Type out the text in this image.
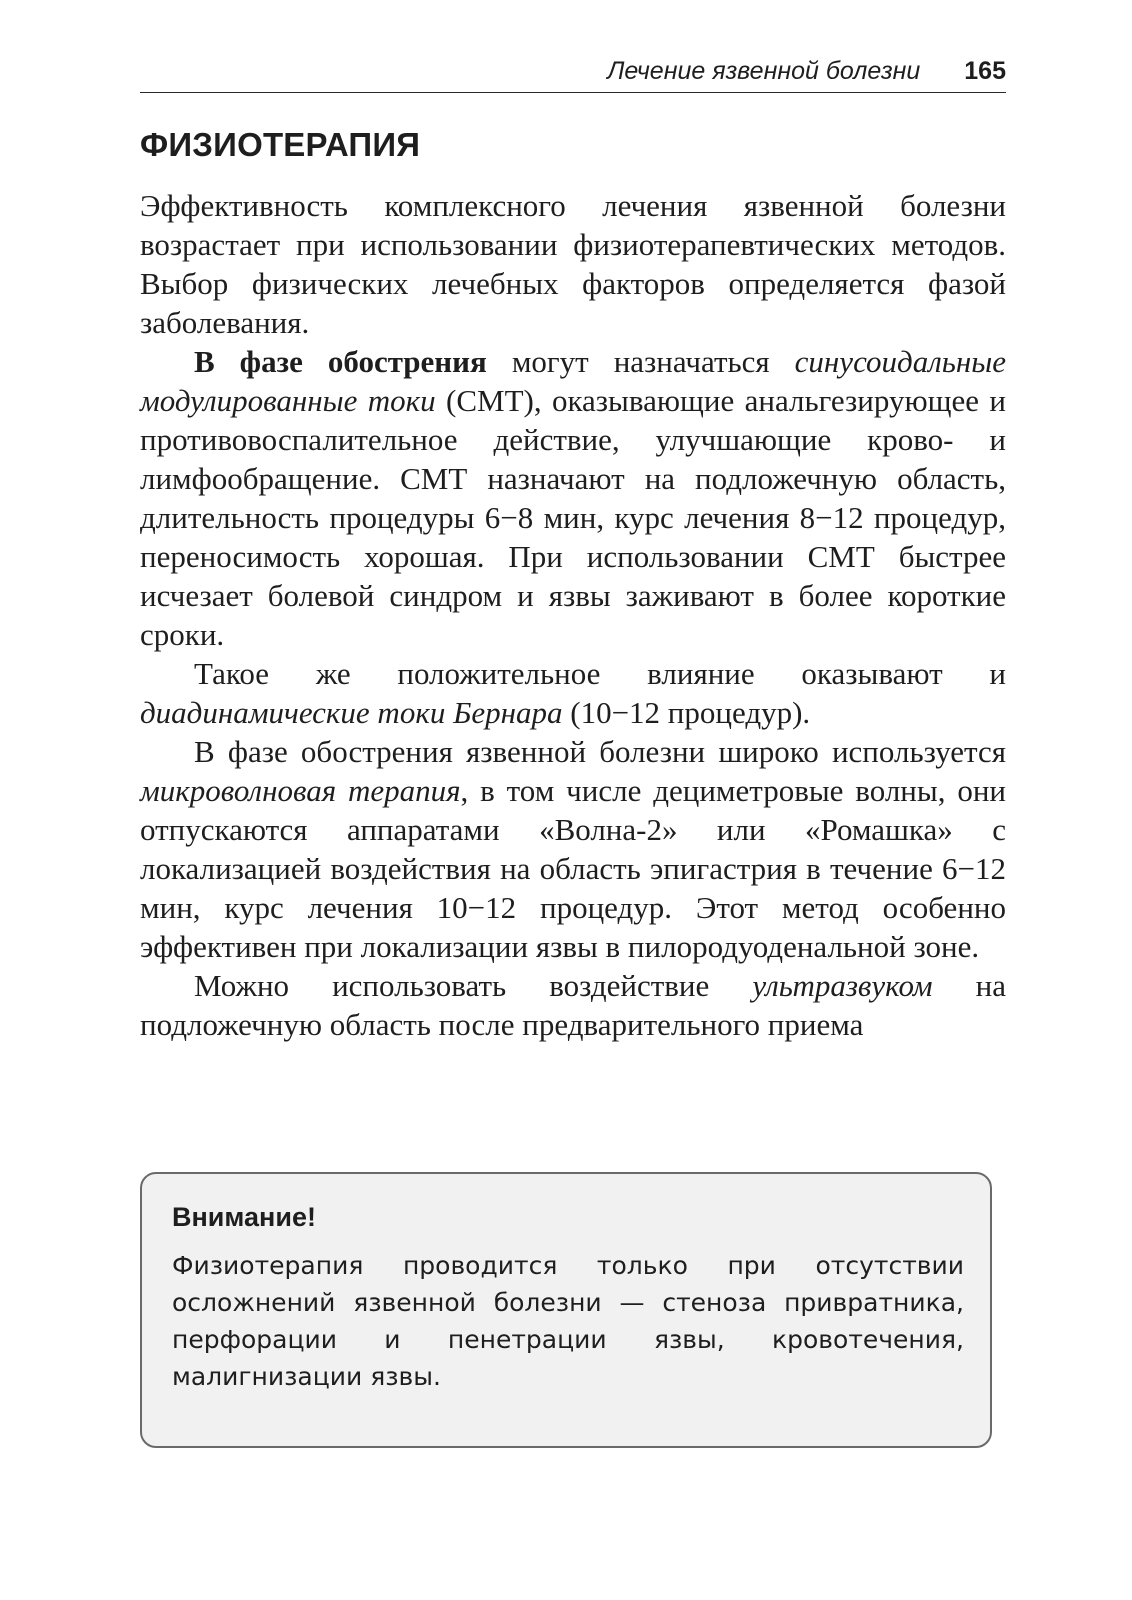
Лечение язвенной болезни 165
ФИЗИОТЕРАПИЯ

Эффективность комплексного лечения язвенной болезни возрастает при использовании физиотерапевтических методов. Выбор физических лечебных факторов определяется фазой заболевания.

В фазе обострения могут назначаться синусоидальные модулированные токи (СМТ), оказывающие анальгезирующее и противовоспалительное действие, улучшающие крово- и лимфообращение. СМТ назначают на подложечную область, длительность процедуры 6−8 мин, курс лечения 8−12 процедур, переносимость хорошая. При использовании СМТ быстрее исчезает болевой синдром и язвы заживают в более короткие сроки.

Такое же положительное влияние оказывают и диадинамические токи Бернара (10−12 процедур).

В фазе обострения язвенной болезни широко используется микроволновая терапия, в том числе дециметровые волны, они отпускаются аппаратами «Волна-2» или «Ромашка» с локализацией воздействия на область эпигастрия в течение 6−12 мин, курс лечения 10−12 процедур. Этот метод особенно эффективен при локализации язвы в пилородуоденальной зоне.

Можно использовать воздействие ультразвуком на подложечную область после предварительного приема

Внимание!

Физиотерапия проводится только при отсутствии осложнений язвенной болезни — стеноза привратника, перфорации и пенетрации язвы, кровотечения, малигнизации язвы.
